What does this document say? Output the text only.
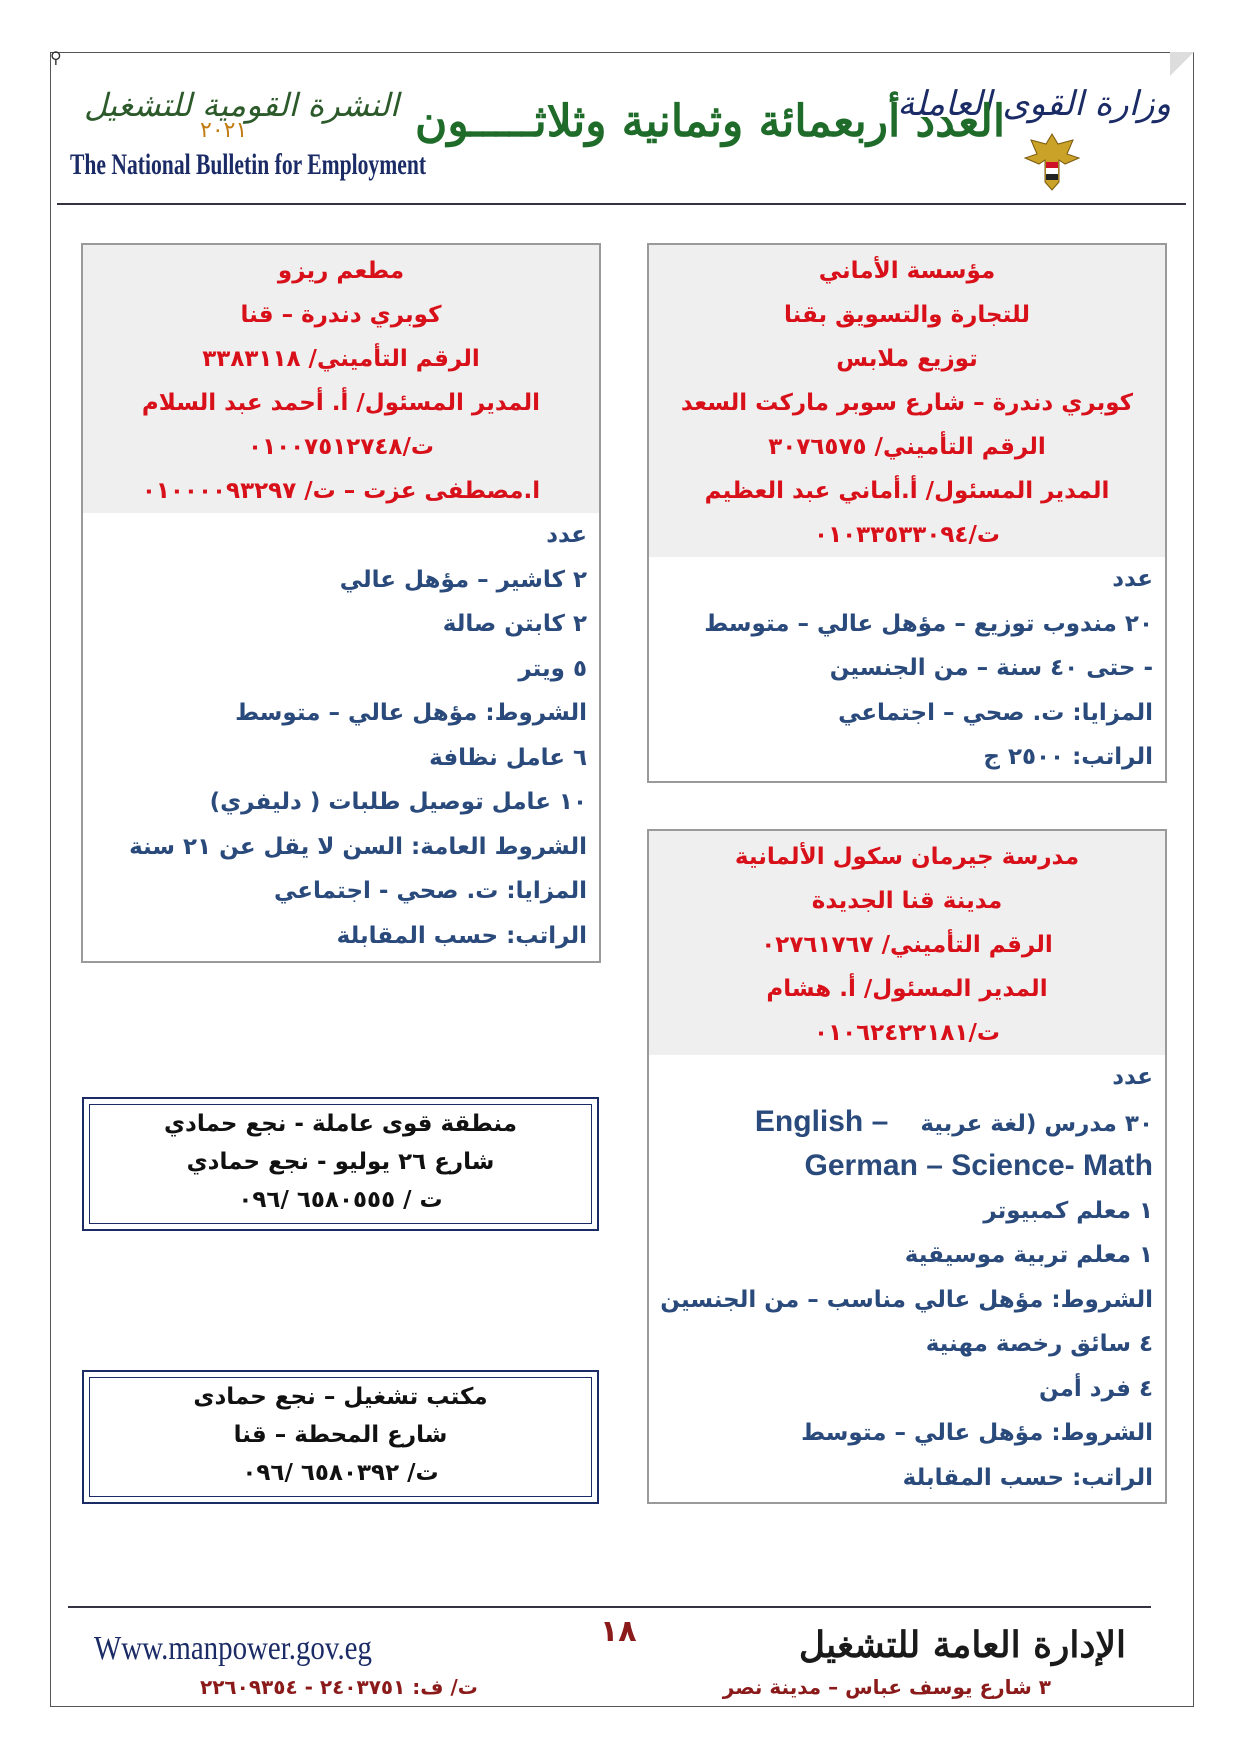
⚲
وزارة القوى العاملة
العدد أربعمائة وثمانية وثلاثـــــون
النشرة القومية للتشغيل
٢٠٢١
The National Bulletin for Employment
مؤسسة الأماني
للتجارة والتسويق بقنا
توزيع ملابس
كوبري دندرة – شارع سوبر ماركت السعد
الرقم التأميني/ ٣٠٧٦٥٧٥
المدير المسئول/ أ.أماني عبد العظيم
ت/٠١٠٣٣٥٣٣٠٩٤
عدد
٢٠ مندوب توزيع – مؤهل عالي – متوسط
- حتى ٤٠ سنة – من الجنسين
المزايا: ت. صحي – اجتماعي
الراتب: ٢٥٠٠ ج
مطعم ريزو
كوبري دندرة – قنا
الرقم التأميني/ ٣٣٨٣١١٨
المدير المسئول/ أ. أحمد عبد السلام
ت/٠١٠٠٧٥١٢٧٤٨
ا.مصطفى عزت – ت/ ٠١٠٠٠٠٩٣٢٩٧
عدد
٢ كاشير – مؤهل عالي
٢ كابتن صالة
٥ ويتر
الشروط: مؤهل عالي – متوسط
٦ عامل نظافة
١٠ عامل توصيل طلبات ( دليفري)
الشروط العامة: السن لا يقل عن ٢١ سنة
المزايا: ت. صحي - اجتماعي
الراتب: حسب المقابلة
مدرسة جيرمان سكول الألمانية
مدينة قنا الجديدة
الرقم التأميني/ ٠٢٧٦١٧٦٧
المدير المسئول/ أ. هشام
ت/٠١٠٦٢٤٢٢١٨١
عدد
٣٠ مدرس (لغة عربية    English –
German – Science- Math
١ معلم كمبيوتر
١ معلم تربية موسيقية
الشروط: مؤهل عالي مناسب – من الجنسين
٤ سائق رخصة مهنية
٤ فرد أمن
الشروط: مؤهل عالي – متوسط
الراتب: حسب المقابلة
منطقة قوى عاملة - نجع حمادي
شارع ٢٦ يوليو - نجع حمادي
ت / ٦٥٨٠٥٥٥ /٠٩٦
مكتب تشغيل – نجع حمادى
شارع المحطة – قنا
ت/ ٦٥٨٠٣٩٢ /٠٩٦
Www.manpower.gov.eg
ت/ ف: ٢٤٠٣٧٥١ - ٢٢٦٠٩٣٥٤
١٨	الإدارة العامة للتشغيل
٣ شارع يوسف عباس – مدينة نصر
